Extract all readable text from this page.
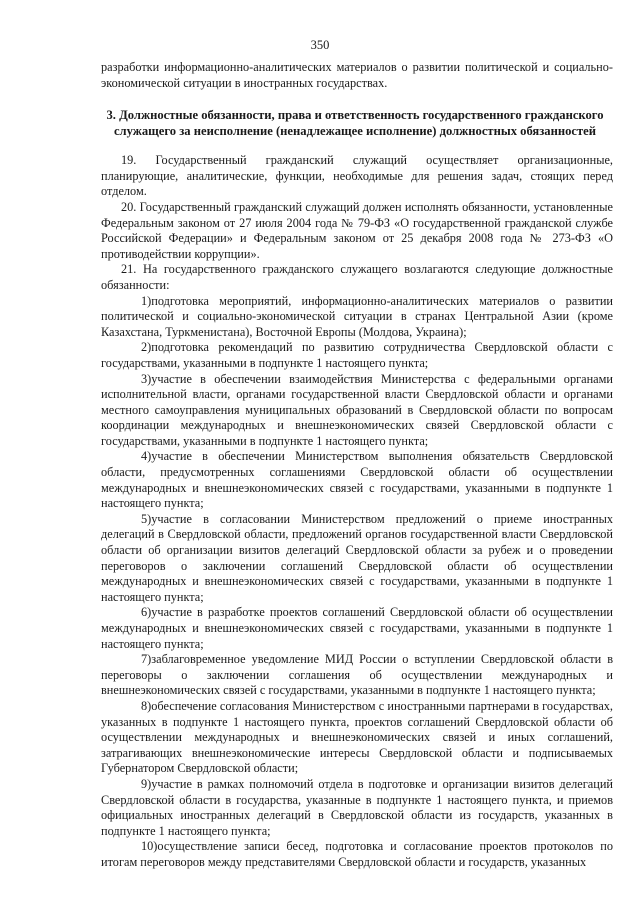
350

разработки информационно-аналитических материалов о развитии политической и социально-экономической ситуации в иностранных государствах.

3. Должностные обязанности, права и ответственность государственного гражданского служащего за неисполнение (ненадлежащее исполнение) должностных обязанностей

19. Государственный гражданский служащий осуществляет организационные, планирующие, аналитические, функции, необходимые для решения задач, стоящих перед отделом.

20. Государственный гражданский служащий должен исполнять обязанности, установленные Федеральным законом от 27 июля 2004 года № 79-ФЗ «О государственной гражданской службе Российской Федерации» и Федеральным законом от 25 декабря 2008 года № 273-ФЗ «О противодействии коррупции».

21. На государственного гражданского служащего возлагаются следующие должностные обязанности:

1)подготовка мероприятий, информационно-аналитических материалов о развитии политической и социально-экономической ситуации в странах Центральной Азии (кроме Казахстана, Туркменистана), Восточной Европы (Молдова, Украина);

2)подготовка рекомендаций по развитию сотрудничества Свердловской области с государствами, указанными в подпункте 1 настоящего пункта;

3)участие в обеспечении взаимодействия Министерства с федеральными органами исполнительной власти, органами государственной власти Свердловской области и органами местного самоуправления муниципальных образований в Свердловской области по вопросам координации международных и внешнеэкономических связей Свердловской области с государствами, указанными в подпункте 1 настоящего пункта;

4)участие в обеспечении Министерством выполнения обязательств Свердловской области, предусмотренных соглашениями Свердловской области об осуществлении международных и внешнеэкономических связей с государствами, указанными в подпункте 1 настоящего пункта;

5)участие в согласовании Министерством предложений о приеме иностранных делегаций в Свердловской области, предложений органов государственной власти Свердловской области об организации визитов делегаций Свердловской области за рубеж и о проведении переговоров о заключении соглашений Свердловской области об осуществлении международных и внешнеэкономических связей с государствами, указанными в подпункте 1 настоящего пункта;

6)участие в разработке проектов соглашений Свердловской области об осуществлении международных и внешнеэкономических связей с государствами, указанными в подпункте 1 настоящего пункта;

7)заблаговременное уведомление МИД России о вступлении Свердловской области в переговоры о заключении соглашения об осуществлении международных и внешнеэкономических связей с государствами, указанными в подпункте 1 настоящего пункта;

8)обеспечение согласования Министерством с иностранными партнерами в государствах, указанных в подпункте 1 настоящего пункта, проектов соглашений Свердловской области об осуществлении международных и внешнеэкономических связей и иных соглашений, затрагивающих внешнеэкономические интересы Свердловской области и подписываемых Губернатором Свердловской области;

9)участие в рамках полномочий отдела в подготовке и организации визитов делегаций Свердловской области в государства, указанные в подпункте 1 настоящего пункта, и приемов официальных иностранных делегаций в Свердловской области из государств, указанных в подпункте 1 настоящего пункта;

10)осуществление записи бесед, подготовка и согласование проектов протоколов по итогам переговоров между представителями Свердловской области и государств, указанных
